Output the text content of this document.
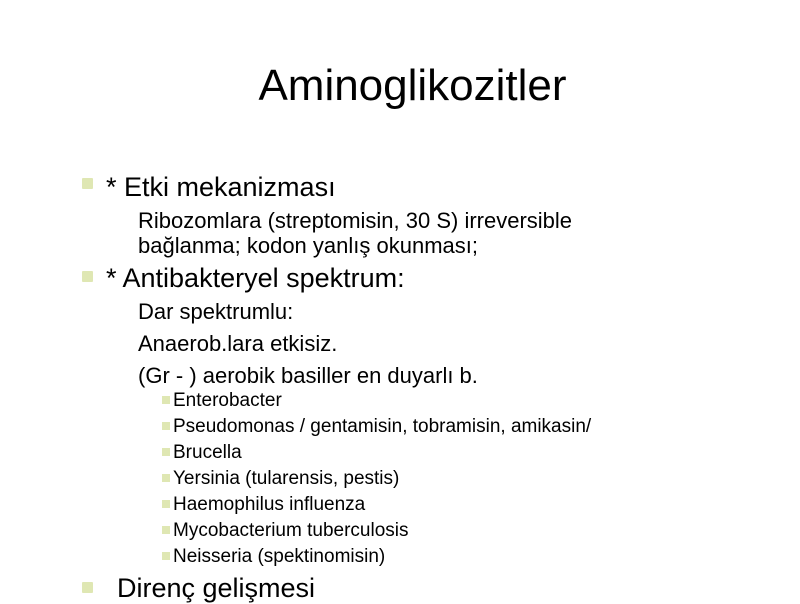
Aminoglikozitler
* Etki mekanizması
Ribozomlara (streptomisin, 30 S) irreversible
bağlanma; kodon yanlış okunması;
* Antibakteryel spektrum:
Dar spektrumlu:
Anaerob.lara etkisiz.
(Gr - ) aerobik basiller en duyarlı b.
Enterobacter
Pseudomonas / gentamisin, tobramisin, amikasin/
Brucella
Yersinia (tularensis, pestis)
Haemophilus influenza
Mycobacterium tuberculosis
Neisseria (spektinomisin)
Direnç gelişmesi
